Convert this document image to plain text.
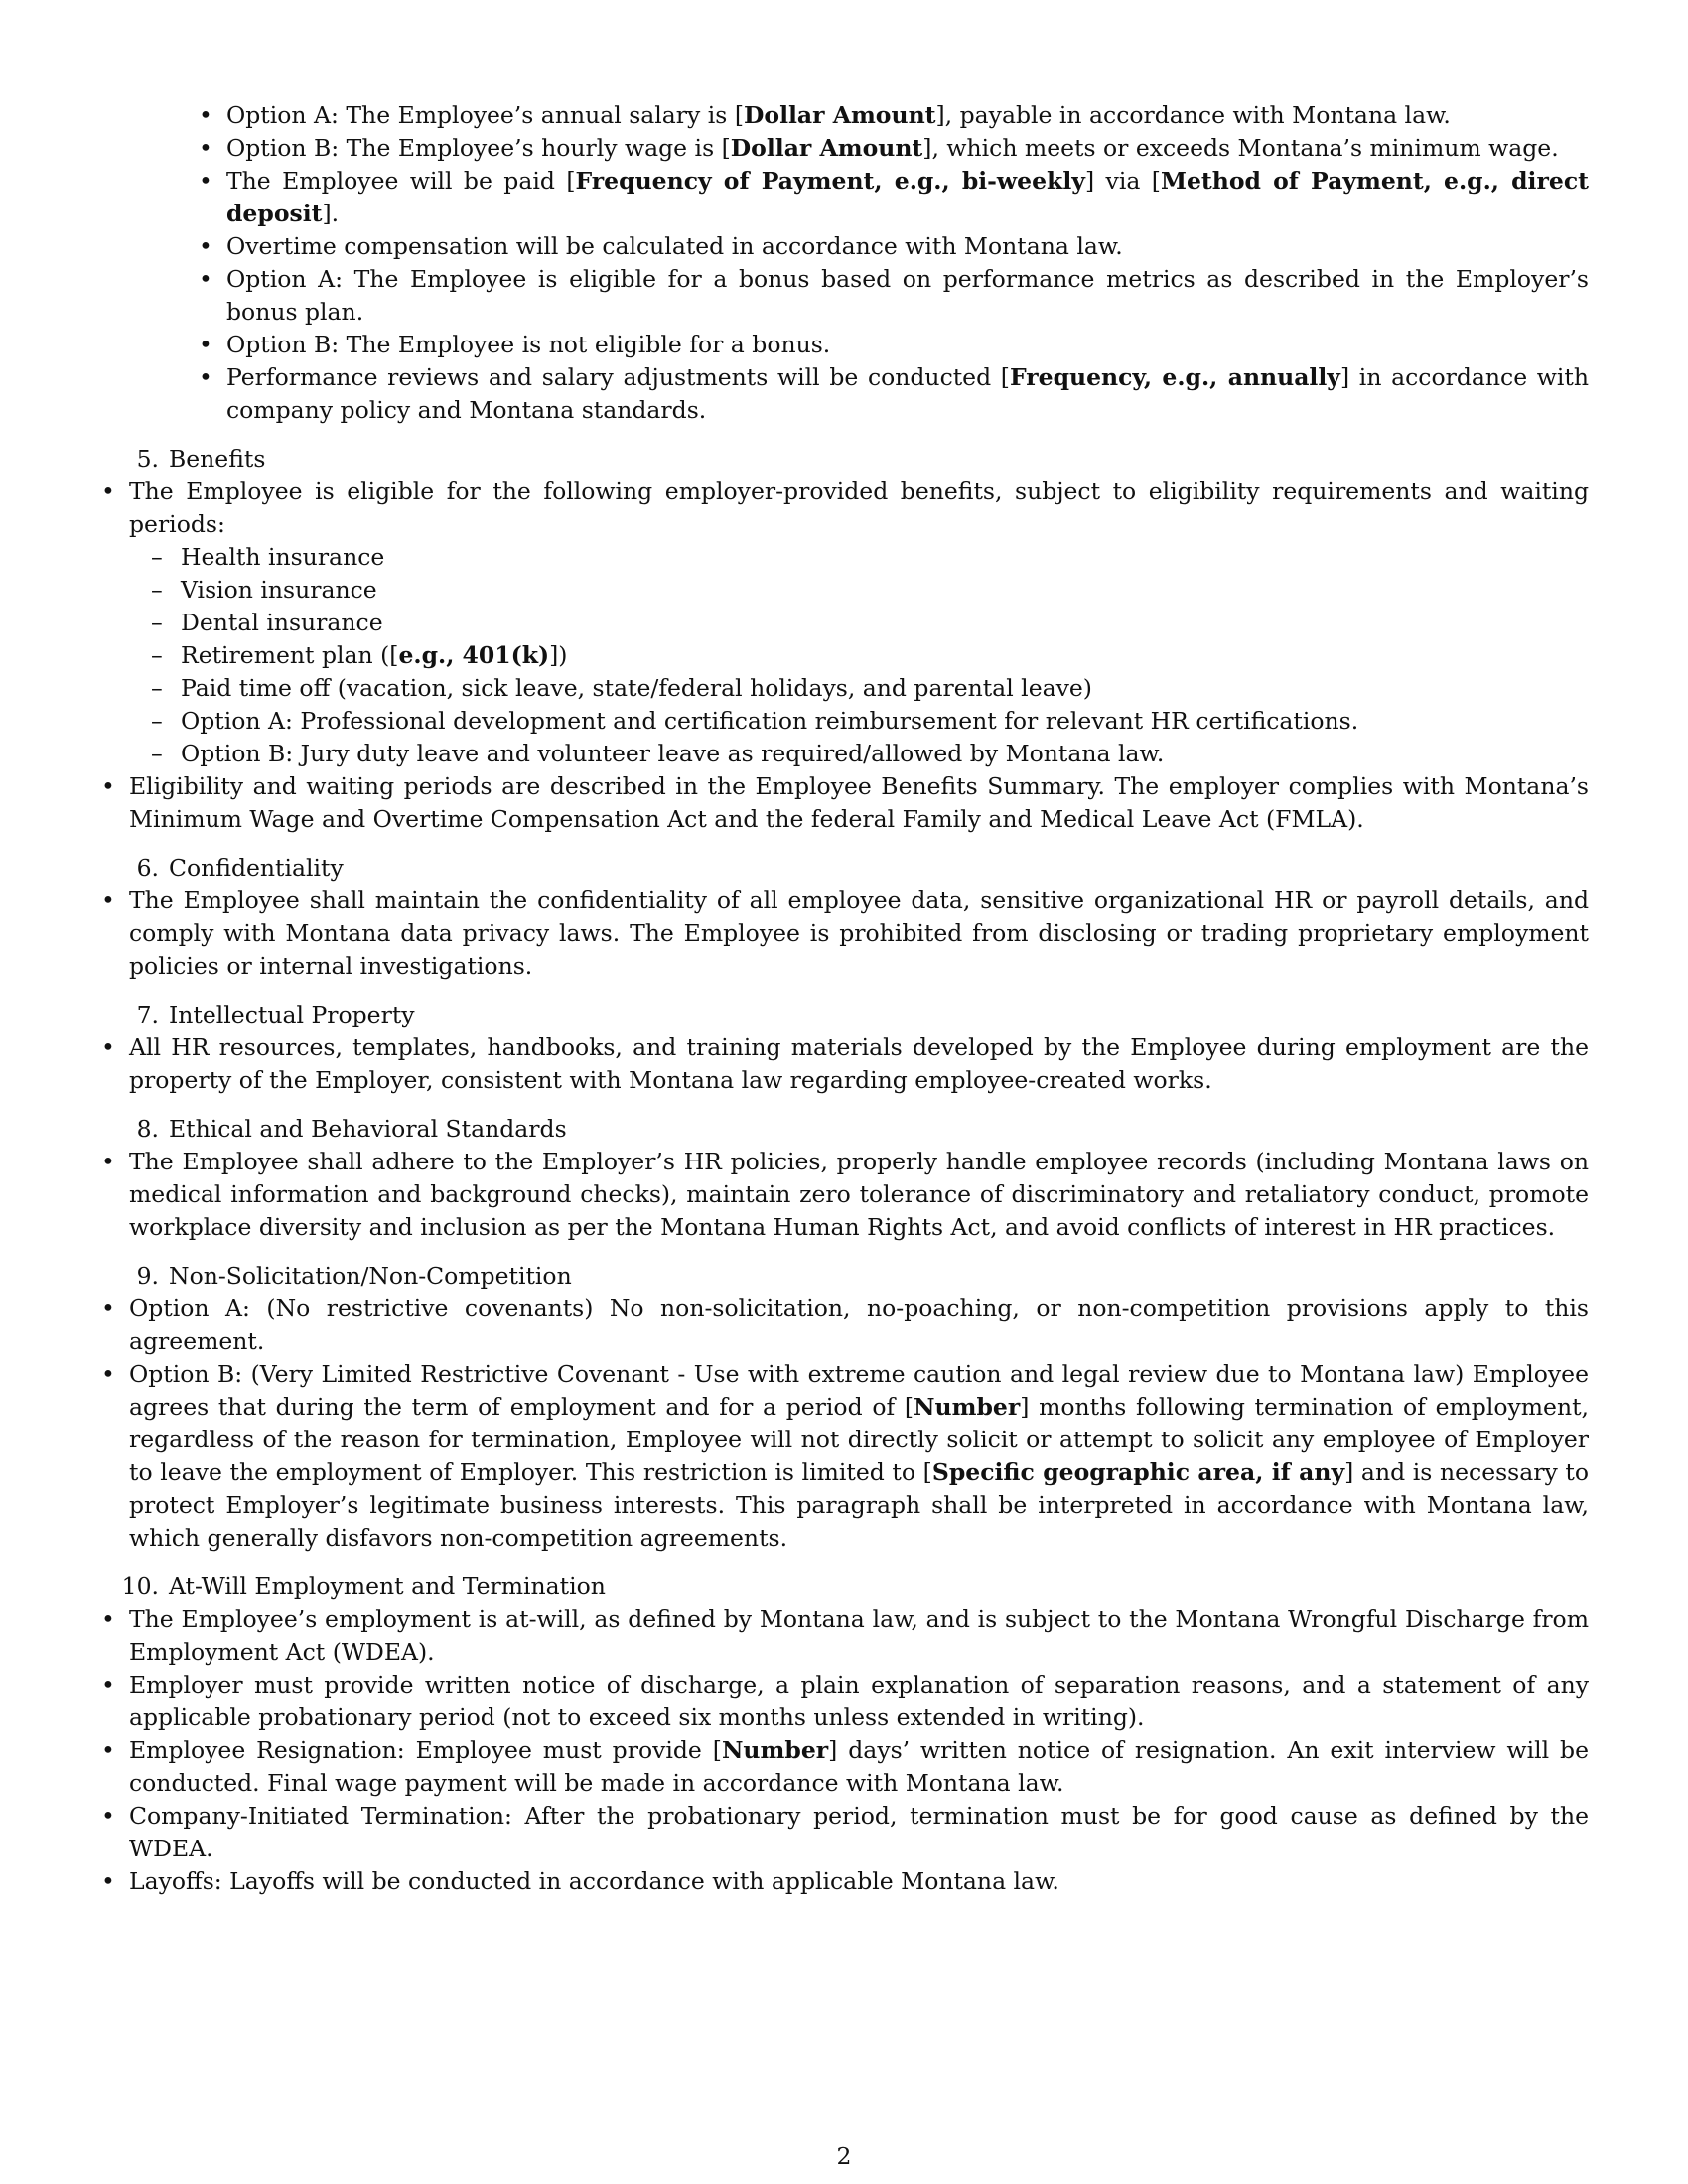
• Option A: The Employee’s annual salary is [Dollar Amount], payable in accordance with Montana law.
• Option B: The Employee’s hourly wage is [Dollar Amount], which meets or exceeds Montana’s minimum wage.
• The Employee will be paid [Frequency of Payment, e.g., bi-weekly] via [Method of Payment, e.g., direct deposit].
• Overtime compensation will be calculated in accordance with Montana law.
• Option A: The Employee is eligible for a bonus based on performance metrics as described in the Employer’s bonus plan.
• Option B: The Employee is not eligible for a bonus.
• Performance reviews and salary adjustments will be conducted [Frequency, e.g., annually] in accordance with company policy and Montana standards.
5. Benefits
• The Employee is eligible for the following employer-provided benefits, subject to eligibility requirements and waiting periods:
– Health insurance
– Vision insurance
– Dental insurance
– Retirement plan ([e.g., 401(k)])
– Paid time off (vacation, sick leave, state/federal holidays, and parental leave)
– Option A: Professional development and certification reimbursement for relevant HR certifications.
– Option B: Jury duty leave and volunteer leave as required/allowed by Montana law.
• Eligibility and waiting periods are described in the Employee Benefits Summary. The employer complies with Montana’s Minimum Wage and Overtime Compensation Act and the federal Family and Medical Leave Act (FMLA).
6. Confidentiality
• The Employee shall maintain the confidentiality of all employee data, sensitive organizational HR or payroll details, and comply with Montana data privacy laws. The Employee is prohibited from disclosing or trading proprietary employment policies or internal investigations.
7. Intellectual Property
• All HR resources, templates, handbooks, and training materials developed by the Employee during employment are the property of the Employer, consistent with Montana law regarding employee-created works.
8. Ethical and Behavioral Standards
• The Employee shall adhere to the Employer’s HR policies, properly handle employee records (including Montana laws on medical information and background checks), maintain zero tolerance of discriminatory and retaliatory conduct, promote workplace diversity and inclusion as per the Montana Human Rights Act, and avoid conflicts of interest in HR practices.
9. Non-Solicitation/Non-Competition
• Option A: (No restrictive covenants) No non-solicitation, no-poaching, or non-competition provisions apply to this agreement.
• Option B: (Very Limited Restrictive Covenant - Use with extreme caution and legal review due to Montana law) Employee agrees that during the term of employment and for a period of [Number] months following termination of employment, regardless of the reason for termination, Employee will not directly solicit or attempt to solicit any employee of Employer to leave the employment of Employer. This restriction is limited to [Specific geographic area, if any] and is necessary to protect Employer’s legitimate business interests. This paragraph shall be interpreted in accordance with Montana law, which generally disfavors non-competition agreements.
10. At-Will Employment and Termination
• The Employee’s employment is at-will, as defined by Montana law, and is subject to the Montana Wrongful Discharge from Employment Act (WDEA).
• Employer must provide written notice of discharge, a plain explanation of separation reasons, and a statement of any applicable probationary period (not to exceed six months unless extended in writing).
• Employee Resignation: Employee must provide [Number] days’ written notice of resignation. An exit interview will be conducted. Final wage payment will be made in accordance with Montana law.
• Company-Initiated Termination: After the probationary period, termination must be for good cause as defined by the WDEA.
• Layoffs: Layoffs will be conducted in accordance with applicable Montana law.
2
